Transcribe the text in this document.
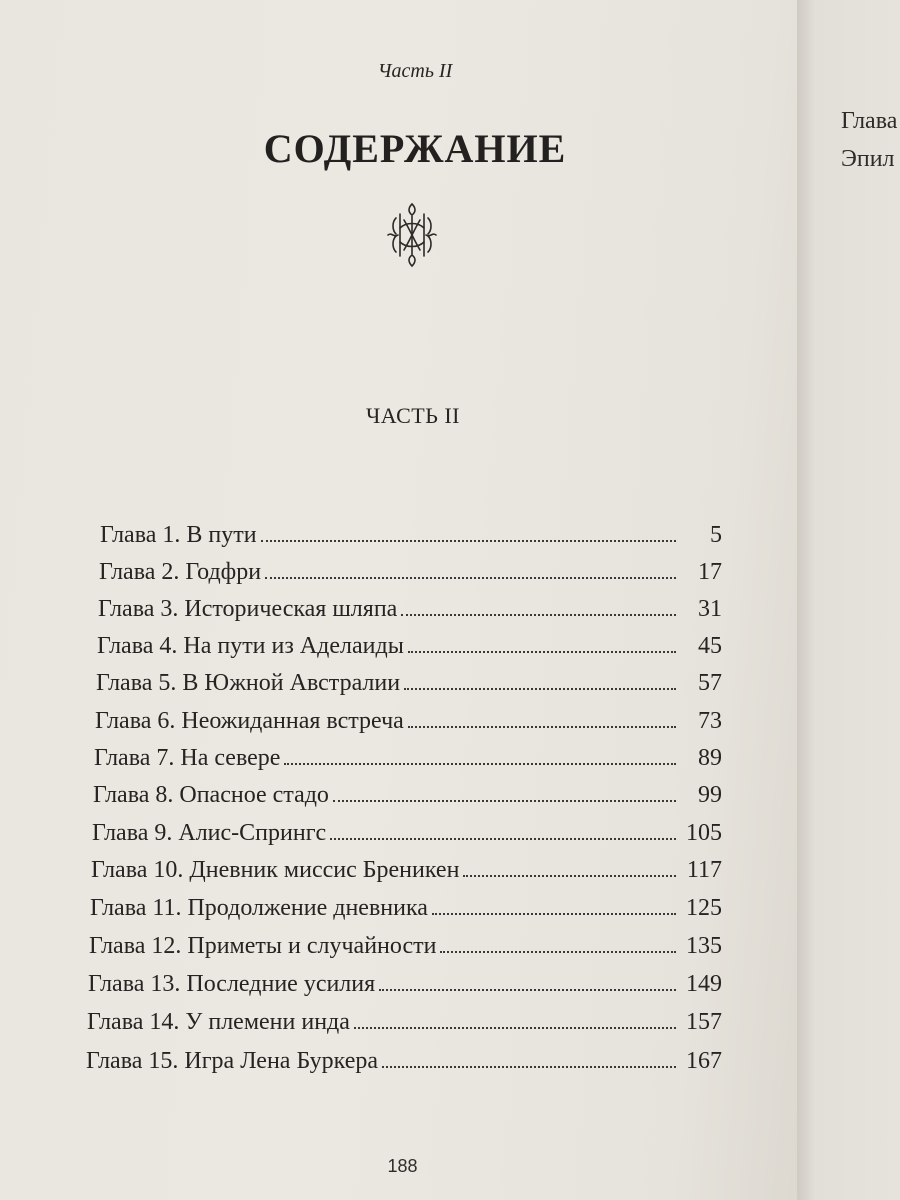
Часть II
СОДЕРЖАНИЕ
ЧАСТЬ II
Глава 1. В пути	5
Глава 2. Годфри	17
Глава 3. Историческая шляпа	31
Глава 4. На пути из Аделаиды	45
Глава 5. В Южной Австралии	57
Глава 6. Неожиданная встреча	73
Глава 7. На севере	89
Глава 8. Опасное стадо	99
Глава 9. Алис-Спрингс	105
Глава 10. Дневник миссис Бреникен	117
Глава 11. Продолжение дневника	125
Глава 12. Приметы и случайности	135
Глава 13. Последние усилия	149
Глава 14. У племени инда	157
Глава 15. Игра Лена Буркера	167
188
Глава
Эпил
